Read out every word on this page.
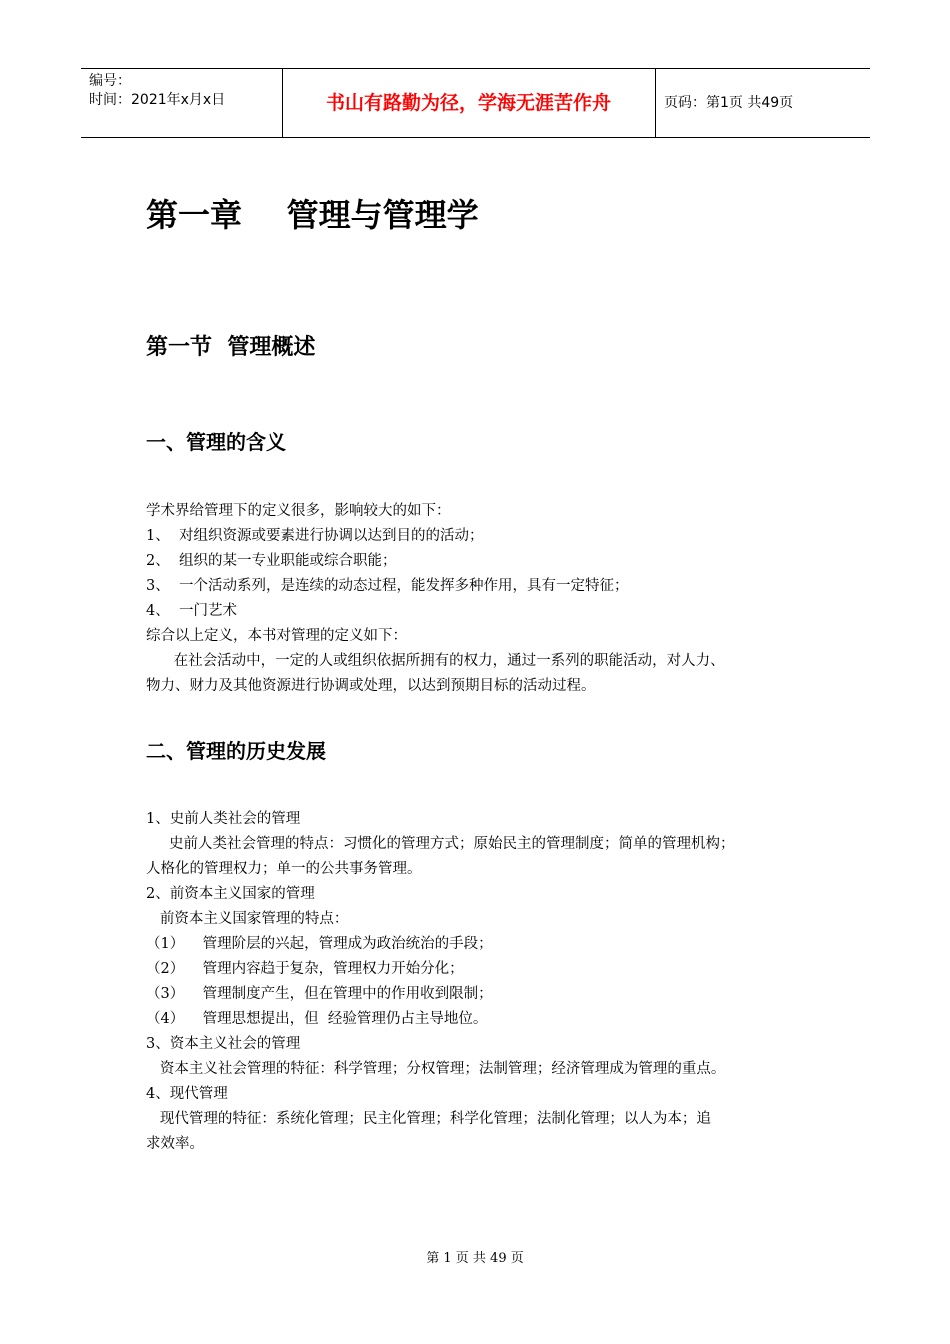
编号：
时间：2021年x月x日	书山有路勤为径，学海无涯苦作舟	页码：第1页 共49页
第一章    管理与管理学
第一节  管理概述
一、管理的含义
学术界给管理下的定义很多，影响较大的如下：
1、  对组织资源或要素进行协调以达到目的的活动；
2、  组织的某一专业职能或综合职能；
3、  一个活动系列，是连续的动态过程，能发挥多种作用，具有一定特征；
4、  一门艺术
综合以上定义，本书对管理的定义如下：
在社会活动中，一定的人或组织依据所拥有的权力，通过一系列的职能活动，对人力、
物力、财力及其他资源进行协调或处理，以达到预期目标的活动过程。
二、管理的历史发展
1、史前人类社会的管理
史前人类社会管理的特点：习惯化的管理方式；原始民主的管理制度；简单的管理机构；
人格化的管理权力；单一的公共事务管理。
2、前资本主义国家的管理
前资本主义国家管理的特点：
（1）    管理阶层的兴起，管理成为政治统治的手段；
（2）    管理内容趋于复杂，管理权力开始分化；
（3）    管理制度产生，但在管理中的作用收到限制；
（4）    管理思想提出，但  经验管理仍占主导地位。
3、资本主义社会的管理
资本主义社会管理的特征：科学管理；分权管理；法制管理；经济管理成为管理的重点。
4、现代管理
现代管理的特征：系统化管理；民主化管理；科学化管理；法制化管理；以人为本；追
求效率。
第 1 页 共 49 页
